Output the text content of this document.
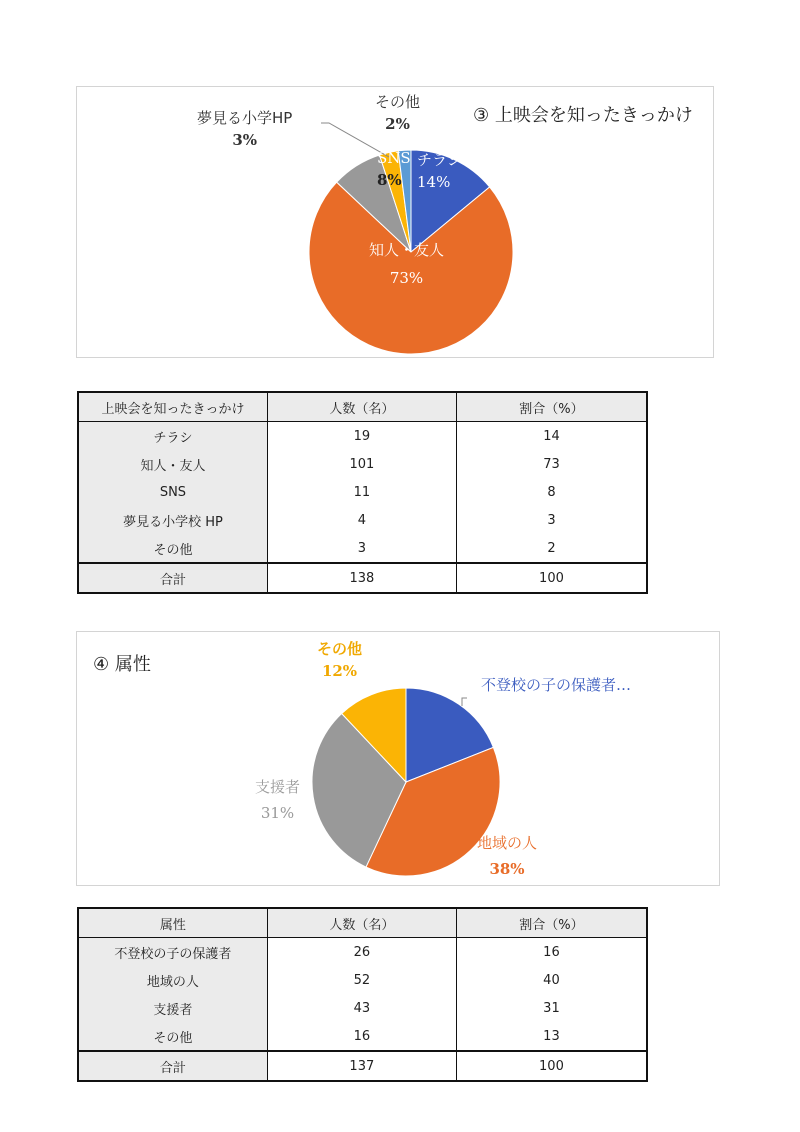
③ 上映会を知ったきっかけ
夢見る小学HP
3%
その他
2%
SNS
8%
チラシ
14%
知人・友人
73%
上映会を知ったきっかけ	人数（名）	割合（%）
チラシ	19	14
知人・友人	101	73
SNS	11	8
夢見る小学校 HP	4	3
その他	3	2
合計	138	100
④ 属性
その他
12%
不登校の子の保護者…
支援者
31%
地域の人
38%
属性	人数（名）	割合（%）
不登校の子の保護者	26	16
地域の人	52	40
支援者	43	31
その他	16	13
合計	137	100
